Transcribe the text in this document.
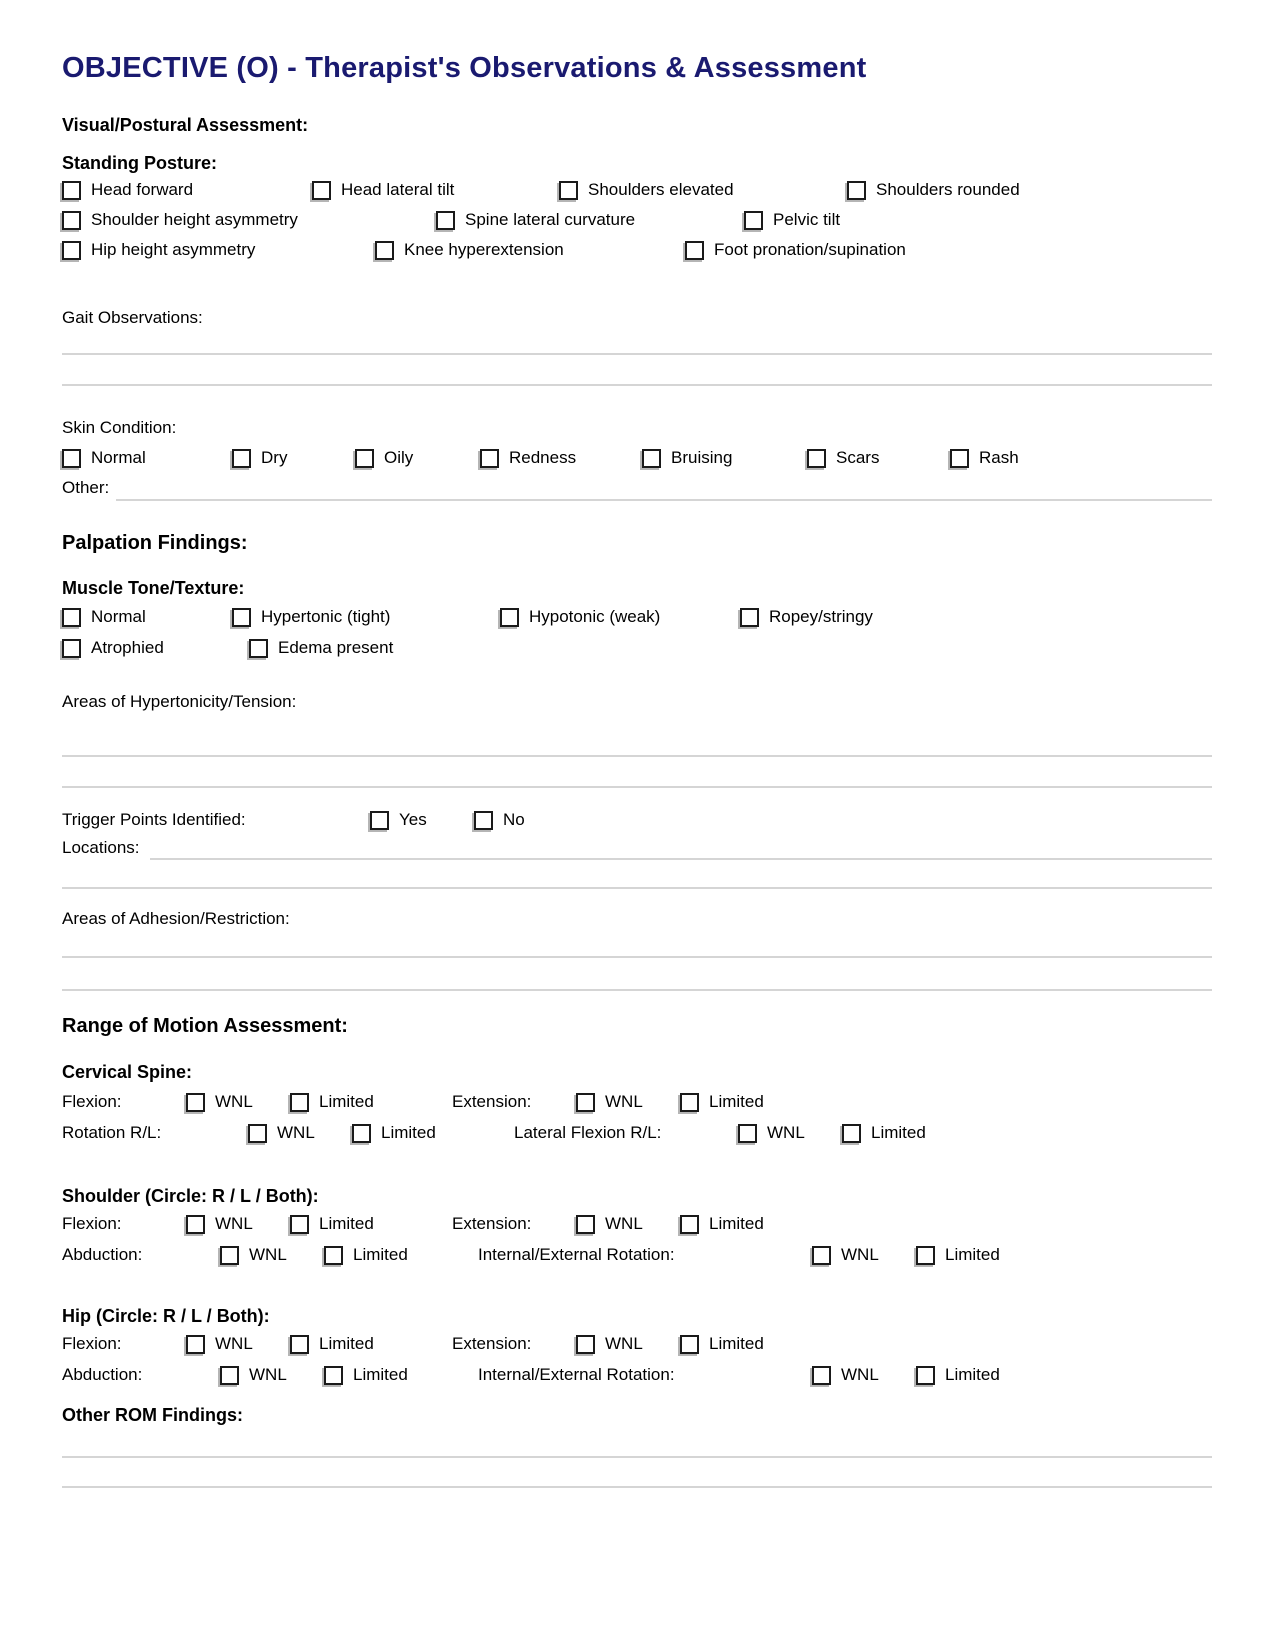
OBJECTIVE (O) - Therapist's Observations & Assessment
Visual/Postural Assessment:
Standing Posture:
Head forward	Head lateral tilt	Shoulders elevated	Shoulders rounded
Shoulder height asymmetry	Spine lateral curvature	Pelvic tilt
Hip height asymmetry	Knee hyperextension	Foot pronation/supination
Gait Observations:
Skin Condition:
Normal	Dry	Oily	Redness	Bruising	Scars	Rash
Other:
Palpation Findings:
Muscle Tone/Texture:
Normal	Hypertonic (tight)	Hypotonic (weak)	Ropey/stringy
Atrophied	Edema present
Areas of Hypertonicity/Tension:
Trigger Points Identified:	Yes	No
Locations:
Areas of Adhesion/Restriction:
Range of Motion Assessment:
Cervical Spine:
Flexion:	WNL	Limited	Extension:	WNL	Limited
Rotation R/L:	WNL	Limited	Lateral Flexion R/L:	WNL	Limited
Shoulder (Circle: R / L / Both):
Flexion:	WNL	Limited	Extension:	WNL	Limited
Abduction:	WNL	Limited	Internal/External Rotation:	WNL	Limited
Hip (Circle: R / L / Both):
Flexion:	WNL	Limited	Extension:	WNL	Limited
Abduction:	WNL	Limited	Internal/External Rotation:	WNL	Limited
Other ROM Findings:
